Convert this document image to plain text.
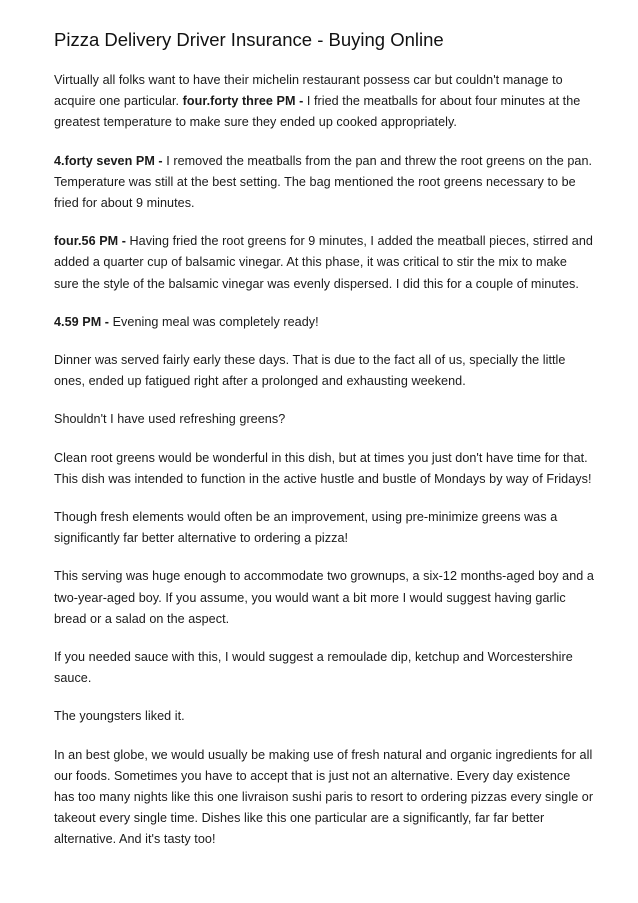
Pizza Delivery Driver Insurance - Buying Online

Virtually all folks want to have their michelin restaurant possess car but couldn't manage to acquire one particular. four.forty three PM - I fried the meatballs for about four minutes at the greatest temperature to make sure they ended up cooked appropriately.

4.forty seven PM - I removed the meatballs from the pan and threw the root greens on the pan. Temperature was still at the best setting. The bag mentioned the root greens necessary to be fried for about 9 minutes.

four.56 PM - Having fried the root greens for 9 minutes, I added the meatball pieces, stirred and added a quarter cup of balsamic vinegar. At this phase, it was critical to stir the mix to make sure the style of the balsamic vinegar was evenly dispersed. I did this for a couple of minutes.

4.59 PM - Evening meal was completely ready!

Dinner was served fairly early these days. That is due to the fact all of us, specially the little ones, ended up fatigued right after a prolonged and exhausting weekend.

Shouldn't I have used refreshing greens?

Clean root greens would be wonderful in this dish, but at times you just don't have time for that. This dish was intended to function in the active hustle and bustle of Mondays by way of Fridays!

Though fresh elements would often be an improvement, using pre-minimize greens was a significantly far better alternative to ordering a pizza!

This serving was huge enough to accommodate two grownups, a six-12 months-aged boy and a two-year-aged boy. If you assume, you would want a bit more I would suggest having garlic bread or a salad on the aspect.

If you needed sauce with this, I would suggest a remoulade dip, ketchup and Worcestershire sauce.

The youngsters liked it.

In an best globe, we would usually be making use of fresh natural and organic ingredients for all our foods. Sometimes you have to accept that is just not an alternative. Every day existence has too many nights like this one livraison sushi paris to resort to ordering pizzas every single or takeout every single time. Dishes like this one particular are a significantly, far far better alternative. And it's tasty too!
